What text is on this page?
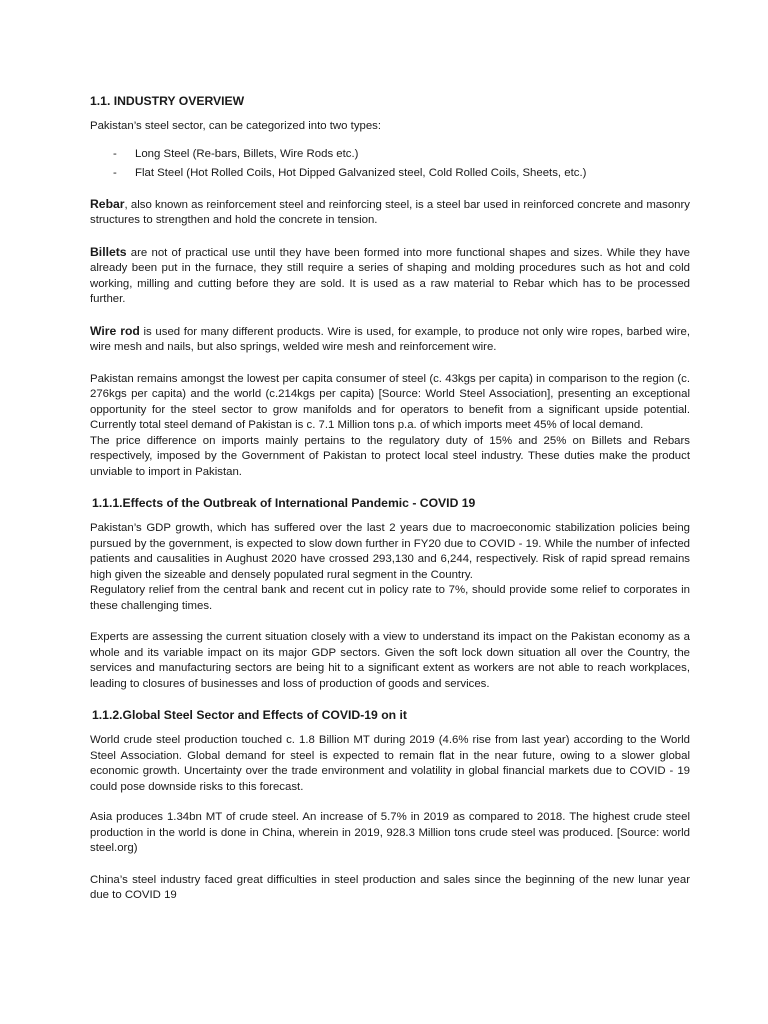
1.1. INDUSTRY OVERVIEW

Pakistan’s steel sector, can be categorized into two types:

- Long Steel (Re-bars, Billets, Wire Rods etc.)
- Flat Steel (Hot Rolled Coils, Hot Dipped Galvanized steel, Cold Rolled Coils, Sheets, etc.)

Rebar, also known as reinforcement steel and reinforcing steel, is a steel bar used in reinforced concrete and masonry structures to strengthen and hold the concrete in tension.

Billets are not of practical use until they have been formed into more functional shapes and sizes. While they have already been put in the furnace, they still require a series of shaping and molding procedures such as hot and cold working, milling and cutting before they are sold. It is used as a raw material to Rebar which has to be processed further.

Wire rod is used for many different products. Wire is used, for example, to produce not only wire ropes, barbed wire, wire mesh and nails, but also springs, welded wire mesh and reinforcement wire.

Pakistan remains amongst the lowest per capita consumer of steel (c. 43kgs per capita) in comparison to the region (c. 276kgs per capita) and the world (c.214kgs per capita) [Source: World Steel Association], presenting an exceptional opportunity for the steel sector to grow manifolds and for operators to benefit from a significant upside potential. Currently total steel demand of Pakistan is c. 7.1 Million tons p.a. of which imports meet 45% of local demand.

The price difference on imports mainly pertains to the regulatory duty of 15% and 25% on Billets and Rebars respectively, imposed by the Government of Pakistan to protect local steel industry. These duties make the product unviable to import in Pakistan.

1.1.1.Effects of the Outbreak of International Pandemic - COVID 19

Pakistan’s GDP growth, which has suffered over the last 2 years due to macroeconomic stabilization policies being pursued by the government, is expected to slow down further in FY20 due to COVID - 19. While the number of infected patients and causalities in Aughust 2020 have crossed 293,130 and 6,244, respectively. Risk of rapid spread remains high given the sizeable and densely populated rural segment in the Country.

Regulatory relief from the central bank and recent cut in policy rate to 7%, should provide some relief to corporates in these challenging times.

Experts are assessing the current situation closely with a view to understand its impact on the Pakistan economy as a whole and its variable impact on its major GDP sectors. Given the soft lock down situation all over the Country, the services and manufacturing sectors are being hit to a significant extent as workers are not able to reach workplaces, leading to closures of businesses and loss of production of goods and services.

1.1.2.Global Steel Sector and Effects of COVID-19 on it

World crude steel production touched c. 1.8 Billion MT during 2019 (4.6% rise from last year) according to the World Steel Association. Global demand for steel is expected to remain flat in the near future, owing to a slower global economic growth. Uncertainty over the trade environment and volatility in global financial markets due to COVID - 19 could pose downside risks to this forecast.

Asia produces 1.34bn MT of crude steel. An increase of 5.7% in 2019 as compared to 2018. The highest crude steel production in the world is done in China, wherein in 2019, 928.3 Million tons crude steel was produced. [Source: world steel.org)

China’s steel industry faced great difficulties in steel production and sales since the beginning of the new lunar year due to COVID 19
